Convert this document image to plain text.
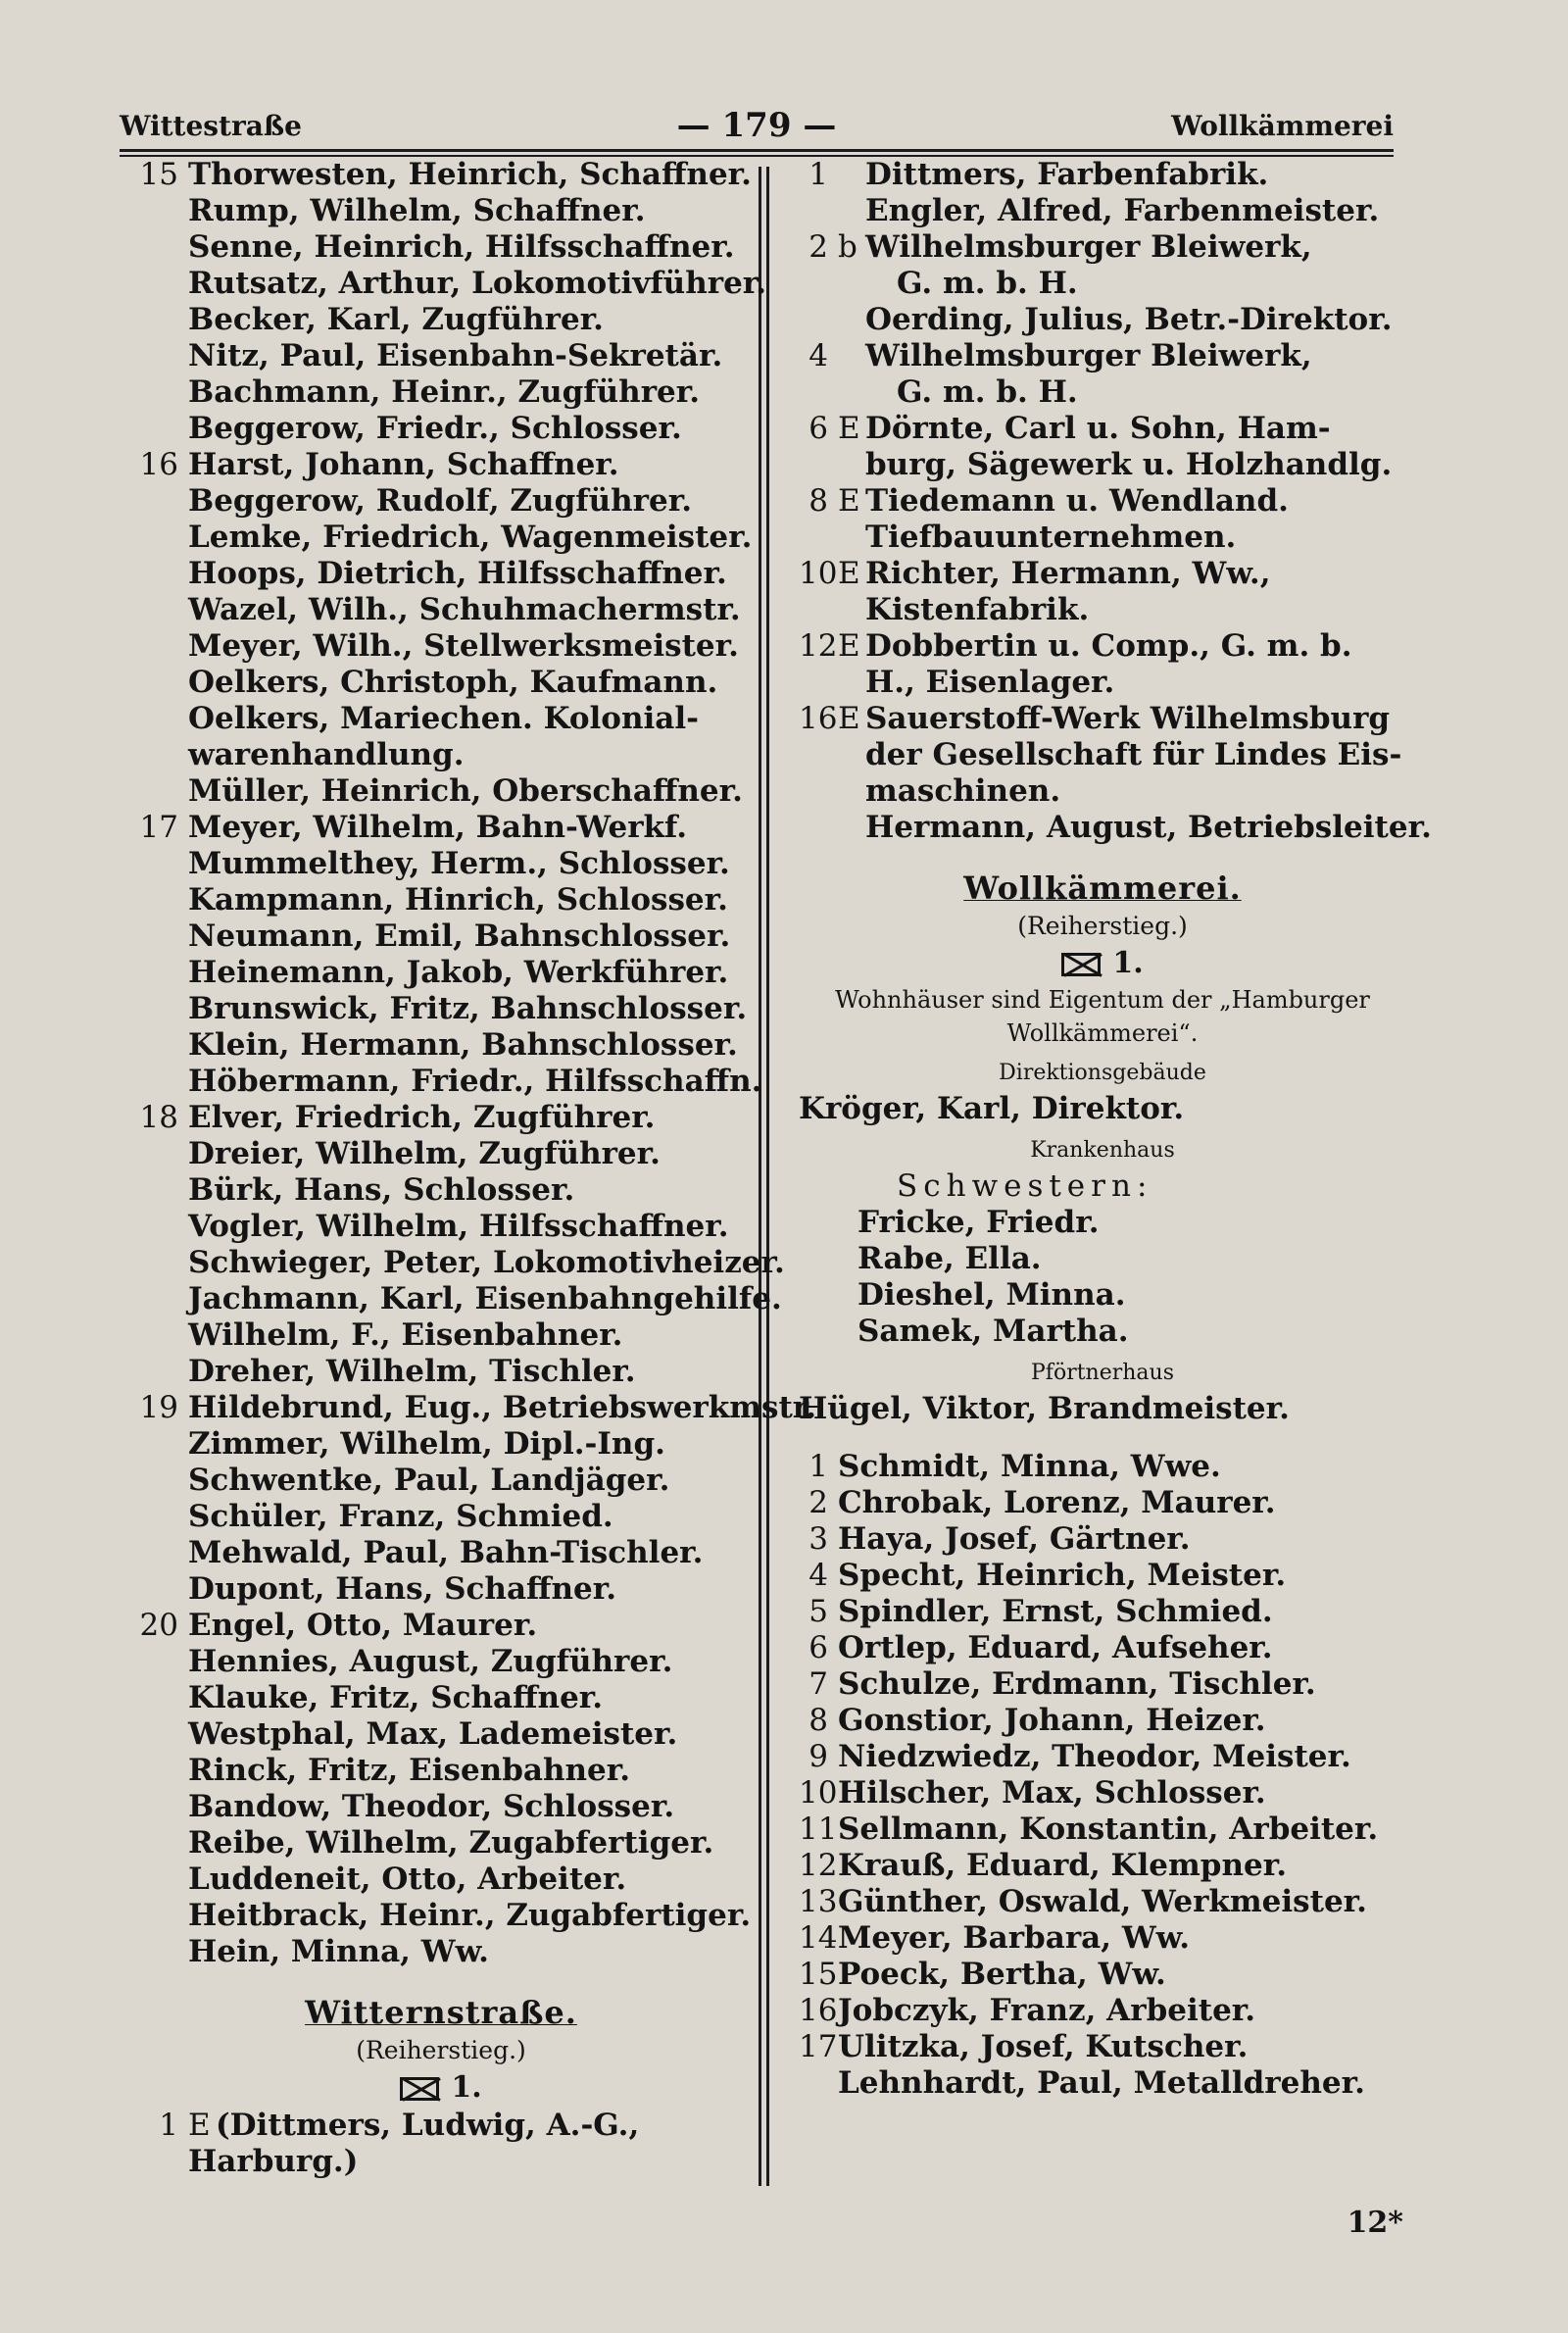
Wittestraße	— 179 —	Wollkämmerei
15 Thorwesten, Heinrich, Schaffner.
Rump, Wilhelm, Schaffner.
Senne, Heinrich, Hilfsschaffner.
Rutsatz, Arthur, Lokomotivführer.
Becker, Karl, Zugführer.
Nitz, Paul, Eisenbahn-Sekretär.
Bachmann, Heinr., Zugführer.
Beggerow, Friedr., Schlosser.
16 Harst, Johann, Schaffner.
Beggerow, Rudolf, Zugführer.
Lemke, Friedrich, Wagenmeister.
Hoops, Dietrich, Hilfsschaffner.
Wazel, Wilh., Schuhmachermstr.
Meyer, Wilh., Stellwerksmeister.
Oelkers, Christoph, Kaufmann.
Oelkers, Mariechen. Kolonial-
warenhandlung.
Müller, Heinrich, Oberschaffner.
17 Meyer, Wilhelm, Bahn-Werkf.
Mummelthey, Herm., Schlosser.
Kampmann, Hinrich, Schlosser.
Neumann, Emil, Bahnschlosser.
Heinemann, Jakob, Werkführer.
Brunswick, Fritz, Bahnschlosser.
Klein, Hermann, Bahnschlosser.
Höbermann, Friedr., Hilfsschaffn.
18 Elver, Friedrich, Zugführer.
Dreier, Wilhelm, Zugführer.
Bürk, Hans, Schlosser.
Vogler, Wilhelm, Hilfsschaffner.
Schwieger, Peter, Lokomotivheizer.
Jachmann, Karl, Eisenbahngehilfe.
Wilhelm, F., Eisenbahner.
Dreher, Wilhelm, Tischler.
19 Hildebrund, Eug., Betriebswerkmstr.
Zimmer, Wilhelm, Dipl.-Ing.
Schwentke, Paul, Landjäger.
Schüler, Franz, Schmied.
Mehwald, Paul, Bahn-Tischler.
Dupont, Hans, Schaffner.
20 Engel, Otto, Maurer.
Hennies, August, Zugführer.
Klauke, Fritz, Schaffner.
Westphal, Max, Lademeister.
Rinck, Fritz, Eisenbahner.
Bandow, Theodor, Schlosser.
Reibe, Wilhelm, Zugabfertiger.
Luddeneit, Otto, Arbeiter.
Heitbrack, Heinr., Zugabfertiger.
Hein, Minna, Ww.
Witternstraße.
(Reiherstieg.)
1.
1 E (Dittmers, Ludwig, A.-G.,
Harburg.)
1	Dittmers, Farbenfabrik.
Engler, Alfred, Farbenmeister.
2 b Wilhelmsburger Bleiwerk,
G. m. b. H.
Oerding, Julius, Betr.-Direktor.
4	Wilhelmsburger Bleiwerk,
G. m. b. H.
6 E Dörnte, Carl u. Sohn, Ham-
burg, Sägewerk u. Holzhandlg.
8 E Tiedemann u. Wendland.
Tiefbauunternehmen.
10 E Richter, Hermann, Ww.,
Kistenfabrik.
12 E Dobbertin u. Comp., G. m. b.
H., Eisenlager.
16 E Sauerstoff-Werk Wilhelmsburg
der Gesellschaft für Lindes Eis-
maschinen.
Hermann, August, Betriebsleiter.
Wollkämmerei.
(Reiherstieg.)
1.
Wohnhäuser sind Eigentum der „Hamburger
Wollkämmerei“.
Direktionsgebäude
Kröger, Karl, Direktor.
Krankenhaus
Schwestern:
Fricke, Friedr.
Rabe, Ella.
Dieshel, Minna.
Samek, Martha.
Pförtnerhaus
Hügel, Viktor, Brandmeister.
1 Schmidt, Minna, Wwe.
2 Chrobak, Lorenz, Maurer.
3 Haya, Josef, Gärtner.
4 Specht, Heinrich, Meister.
5 Spindler, Ernst, Schmied.
6 Ortlep, Eduard, Aufseher.
7 Schulze, Erdmann, Tischler.
8 Gonstior, Johann, Heizer.
9 Niedzwiedz, Theodor, Meister.
10 Hilscher, Max, Schlosser.
11 Sellmann, Konstantin, Arbeiter.
12 Krauß, Eduard, Klempner.
13 Günther, Oswald, Werkmeister.
14 Meyer, Barbara, Ww.
15 Poeck, Bertha, Ww.
16 Jobczyk, Franz, Arbeiter.
17 Ulitzka, Josef, Kutscher.
Lehnhardt, Paul, Metalldreher.
12*
